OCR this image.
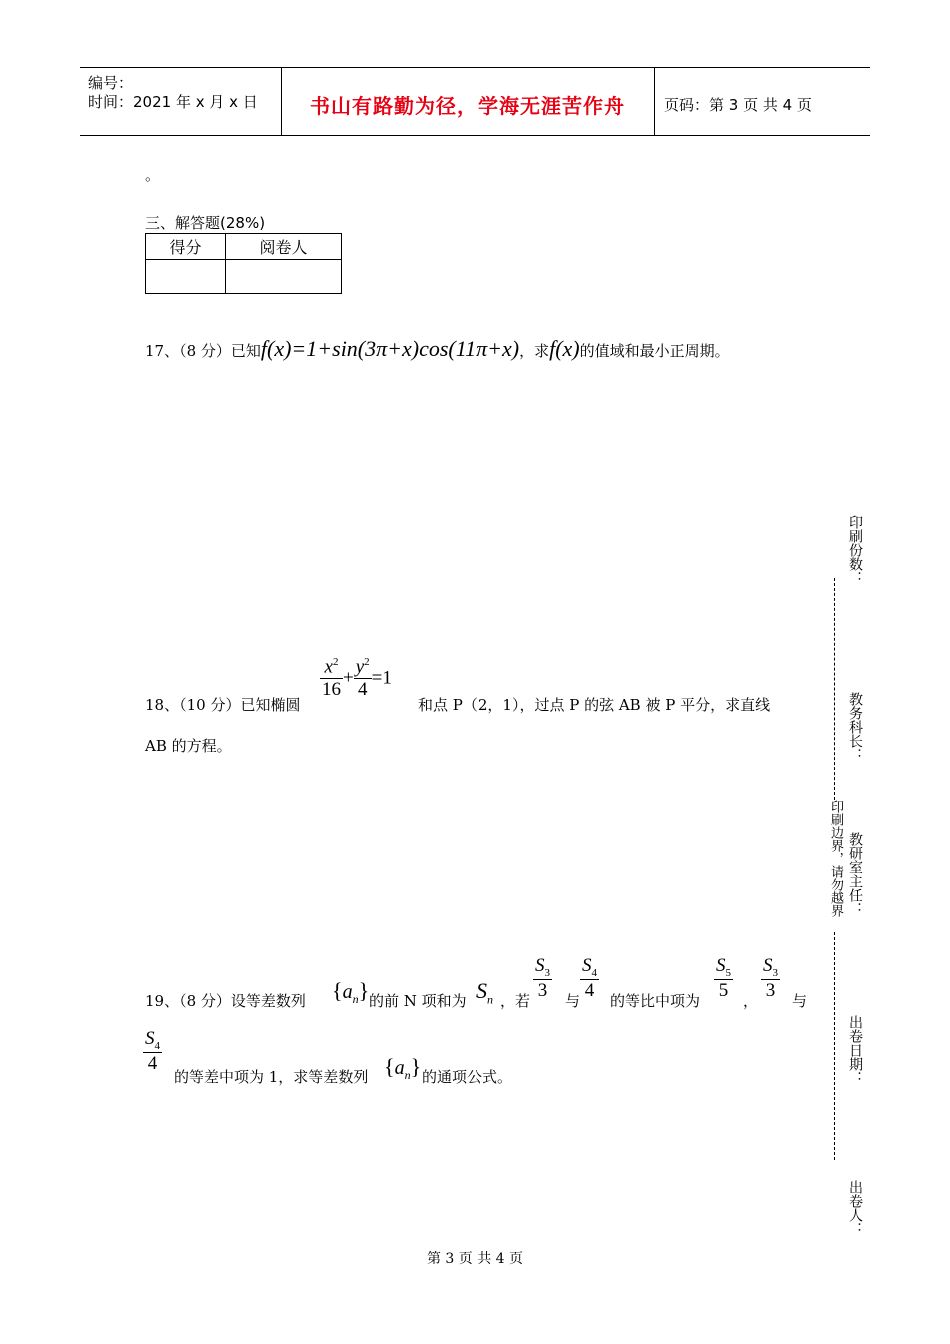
编号：
时间：2021 年 x 月 x 日	书山有路勤为径，学海无涯苦作舟	页码：第 3 页 共 4 页
。
三、解答题(28%)
得分	阅卷人

17、（8 分）已知f(x)=1+sin(3π+x)cos(11π+x)，求f(x)的值域和最小正周期。
18、（10 分）已知椭圆
$\frac{x^2}{16} + \frac{y^2}{4} =1$
和点 P（2，1），过点 P 的弦 AB 被 P 平分，求直线
AB 的方程。
19、（8 分）设等差数列 $\{a_n\}$ 的前 N 项和为 $S_n$ ，若 $\frac{S_3}{3}$ 与 $\frac{S_4}{4}$ 的等比中项为 $\frac{S_5}{5}$ ， $\frac{S_3}{3}$ 与
$\frac{S_4}{4}$
的等差中项为 1，求等差数列 $\{a_n\}$ 的通项公式。
印刷份数：
教务科长：
教研室主任：
出卷日期：
出卷人：
印刷边界，请勿越界
第 3 页 共 4 页
